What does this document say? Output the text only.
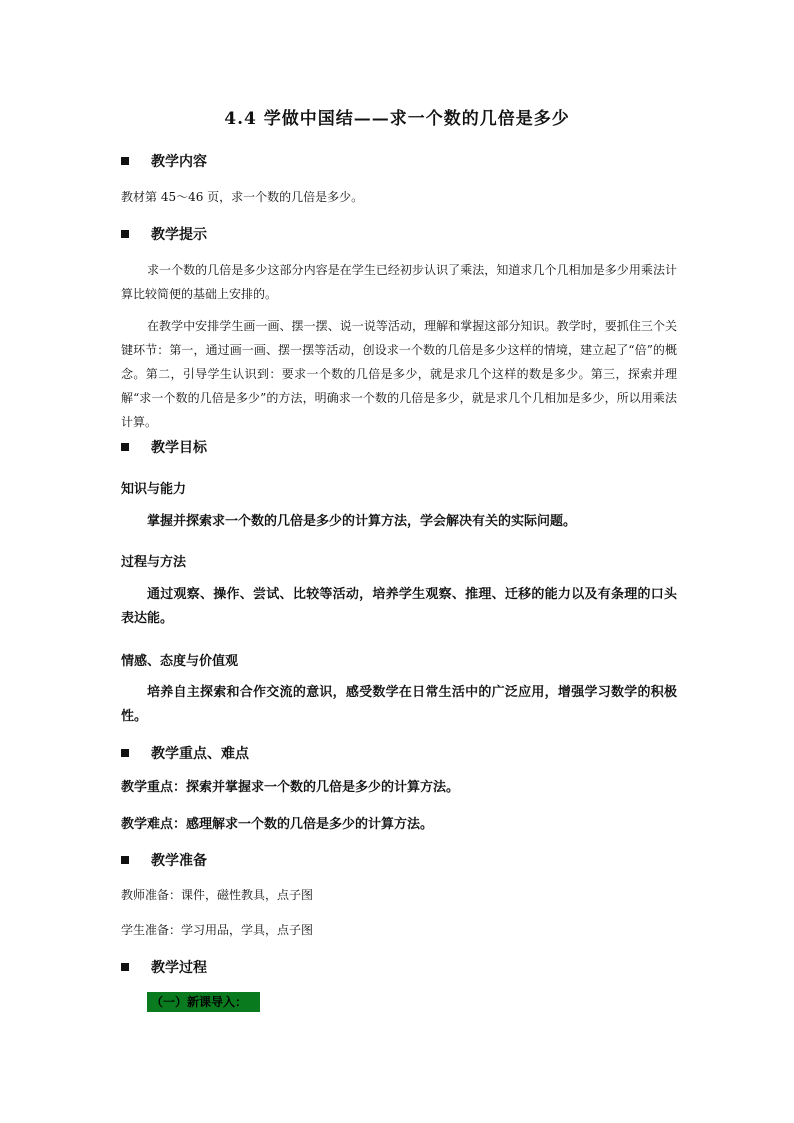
4.4 学做中国结——求一个数的几倍是多少
教学内容

教材第 45～46 页，求一个数的几倍是多少。

教学提示

求一个数的几倍是多少这部分内容是在学生已经初步认识了乘法，知道求几个几相加是多少用乘法计算比较简便的基础上安排的。

在教学中安排学生画一画、摆一摆、说一说等活动，理解和掌握这部分知识。教学时，要抓住三个关键环节：第一，通过画一画、摆一摆等活动，创设求一个数的几倍是多少这样的情境，建立起了“倍”的概念。第二，引导学生认识到：要求一个数的几倍是多少，就是求几个这样的数是多少。第三，探索并理解“求一个数的几倍是多少”的方法，明确求一个数的几倍是多少，就是求几个几相加是多少，所以用乘法计算。

教学目标

知识与能力

掌握并探索求一个数的几倍是多少的计算方法，学会解决有关的实际问题。

过程与方法

通过观察、操作、尝试、比较等活动，培养学生观察、推理、迁移的能力以及有条理的口头表达能。

情感、态度与价值观

培养自主探索和合作交流的意识，感受数学在日常生活中的广泛应用，增强学习数学的积极性。

教学重点、难点

教学重点：探索并掌握求一个数的几倍是多少的计算方法。

教学难点：感理解求一个数的几倍是多少的计算方法。

教学准备

教师准备：课件，磁性教具，点子图

学生准备：学习用品，学具，点子图

教学过程
（一）新课导入：
